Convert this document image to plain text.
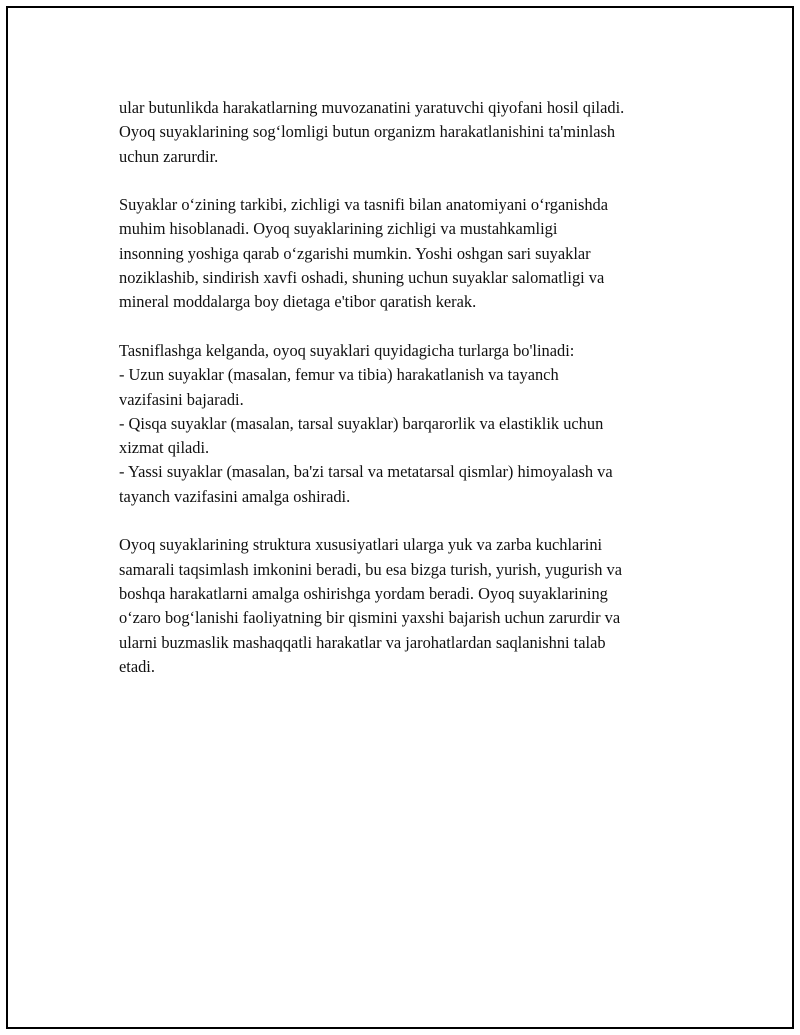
ular butunlikda harakatlarning muvozanatini yaratuvchi qiyofani hosil qiladi.
Oyoq suyaklarining sog‘lomligi butun organizm harakatlanishini ta'minlash
uchun zarurdir.

Suyaklar o‘zining tarkibi, zichligi va tasnifi bilan anatomiyani o‘rganishda
muhim hisoblanadi. Oyoq suyaklarining zichligi va mustahkamligi
insonning yoshiga qarab o‘zgarishi mumkin. Yoshi oshgan sari suyaklar
noziklashib, sindirish xavfi oshadi, shuning uchun suyaklar salomatligi va
mineral moddalarga boy dietaga e'tibor qaratish kerak.

Tasniflashga kelganda, oyoq suyaklari quyidagicha turlarga bo'linadi:
- Uzun suyaklar (masalan, femur va tibia) harakatlanish va tayanch
vazifasini bajaradi.
- Qisqa suyaklar (masalan, tarsal suyaklar) barqarorlik va elastiklik uchun
xizmat qiladi.
- Yassi suyaklar (masalan, ba'zi tarsal va metatarsal qismlar) himoyalash va
tayanch vazifasini amalga oshiradi.

Oyoq suyaklarining struktura xususiyatlari ularga yuk va zarba kuchlarini
samarali taqsimlash imkonini beradi, bu esa bizga turish, yurish, yugurish va
boshqa harakatlarni amalga oshirishga yordam beradi. Oyoq suyaklarining
o‘zaro bog‘lanishi faoliyatning bir qismini yaxshi bajarish uchun zarurdir va
ularni buzmaslik mashaqqatli harakatlar va jarohatlardan saqlanishni talab
etadi.
